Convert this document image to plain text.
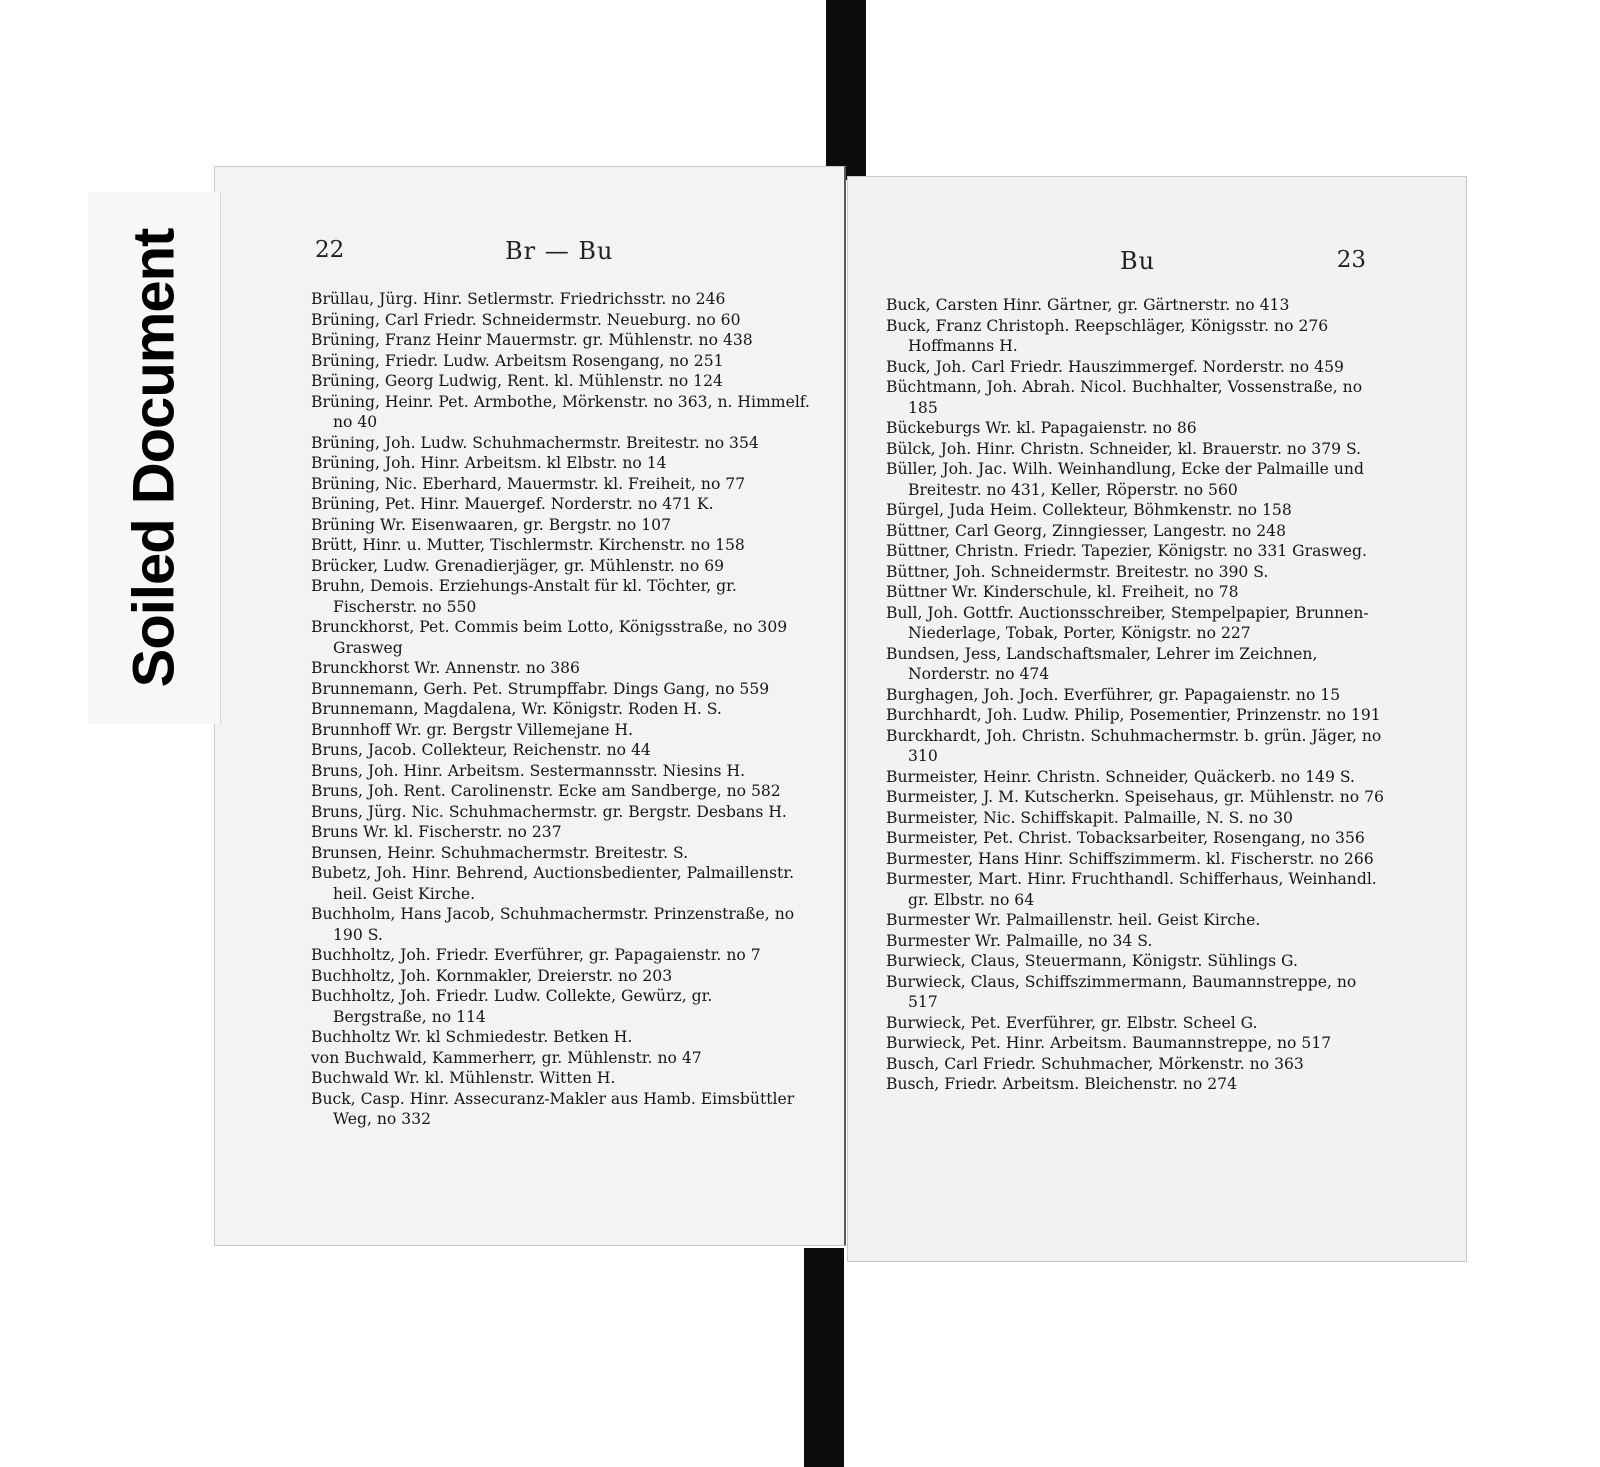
22	Br — Bu
Brüllau, Jürg. Hinr. Setlermstr. Friedrichsstr. no 246
Brüning, Carl Friedr. Schneidermstr. Neueburg. no 60
Brüning, Franz Heinr Mauermstr. gr. Mühlenstr. no 438
Brüning, Friedr. Ludw. Arbeitsm Rosengang, no 251
Brüning, Georg Ludwig, Rent. kl. Mühlenstr. no 124
Brüning, Heinr. Pet. Armbothe, Mörkenstr. no 363, n. Himmelf. no 40
Brüning, Joh. Ludw. Schuhmachermstr. Breitestr. no 354
Brüning, Joh. Hinr. Arbeitsm. kl Elbstr. no 14
Brüning, Nic. Eberhard, Mauermstr. kl. Freiheit, no 77
Brüning, Pet. Hinr. Mauergef. Norderstr. no 471 K.
Brüning Wr. Eisenwaaren, gr. Bergstr. no 107
Brütt, Hinr. u. Mutter, Tischlermstr. Kirchenstr. no 158
Brücker, Ludw. Grenadierjäger, gr. Mühlenstr. no 69
Bruhn, Demois. Erziehungs-Anstalt für kl. Töchter, gr. Fischerstr. no 550
Brunckhorst, Pet. Commis beim Lotto, Königsstraße, no 309 Grasweg
Brunckhorst Wr. Annenstr. no 386
Brunnemann, Gerh. Pet. Strumpffabr. Dings Gang, no 559
Brunnemann, Magdalena, Wr. Königstr. Roden H. S.
Brunnhoff Wr. gr. Bergstr Villemejane H.
Bruns, Jacob. Collekteur, Reichenstr. no 44
Bruns, Joh. Hinr. Arbeitsm. Sestermannsstr. Niesins H.
Bruns, Joh. Rent. Carolinenstr. Ecke am Sandberge, no 582
Bruns, Jürg. Nic. Schuhmachermstr. gr. Bergstr. Desbans H.
Bruns Wr. kl. Fischerstr. no 237
Brunsen, Heinr. Schuhmachermstr. Breitestr. S.
Bubetz, Joh. Hinr. Behrend, Auctionsbedienter, Palmaillenstr. heil. Geist Kirche.
Buchholm, Hans Jacob, Schuhmachermstr. Prinzenstraße, no 190 S.
Buchholtz, Joh. Friedr. Everführer, gr. Papagaienstr. no 7
Buchholtz, Joh. Kornmakler, Dreierstr. no 203
Buchholtz, Joh. Friedr. Ludw. Collekte, Gewürz, gr. Bergstraße, no 114
Buchholtz Wr. kl Schmiedestr. Betken H.
von Buchwald, Kammerherr, gr. Mühlenstr. no 47
Buchwald Wr. kl. Mühlenstr. Witten H.
Buck, Casp. Hinr. Assecuranz-Makler aus Hamb. Eimsbüttler Weg, no 332
Bu	23
Buck, Carsten Hinr. Gärtner, gr. Gärtnerstr. no 413
Buck, Franz Christoph. Reepschläger, Königsstr. no 276 Hoffmanns H.
Buck, Joh. Carl Friedr. Hauszimmergef. Norderstr. no 459
Büchtmann, Joh. Abrah. Nicol. Buchhalter, Vossenstraße, no 185
Bückeburgs Wr. kl. Papagaienstr. no 86
Bülck, Joh. Hinr. Christn. Schneider, kl. Brauerstr. no 379 S.
Büller, Joh. Jac. Wilh. Weinhandlung, Ecke der Palmaille und Breitestr. no 431, Keller, Röperstr. no 560
Bürgel, Juda Heim. Collekteur, Böhmkenstr. no 158
Büttner, Carl Georg, Zinngiesser, Langestr. no 248
Büttner, Christn. Friedr. Tapezier, Königstr. no 331 Grasweg.
Büttner, Joh. Schneidermstr. Breitestr. no 390 S.
Büttner Wr. Kinderschule, kl. Freiheit, no 78
Bull, Joh. Gottfr. Auctionsschreiber, Stempelpapier, Brunnen-Niederlage, Tobak, Porter, Königstr. no 227
Bundsen, Jess, Landschaftsmaler, Lehrer im Zeichnen, Norderstr. no 474
Burghagen, Joh. Joch. Everführer, gr. Papagaienstr. no 15
Burchhardt, Joh. Ludw. Philip, Posementier, Prinzenstr. no 191
Burckhardt, Joh. Christn. Schuhmachermstr. b. grün. Jäger, no 310
Burmeister, Heinr. Christn. Schneider, Quäckerb. no 149 S.
Burmeister, J. M. Kutscherkn. Speisehaus, gr. Mühlenstr. no 76
Burmeister, Nic. Schiffskapit. Palmaille, N. S. no 30
Burmeister, Pet. Christ. Tobacksarbeiter, Rosengang, no 356
Burmester, Hans Hinr. Schiffszimmerm. kl. Fischerstr. no 266
Burmester, Mart. Hinr. Fruchthandl. Schifferhaus, Weinhandl. gr. Elbstr. no 64
Burmester Wr. Palmaillenstr. heil. Geist Kirche.
Burmester Wr. Palmaille, no 34 S.
Burwieck, Claus, Steuermann, Königstr. Sühlings G.
Burwieck, Claus, Schiffszimmermann, Baumannstreppe, no 517
Burwieck, Pet. Everführer, gr. Elbstr. Scheel G.
Burwieck, Pet. Hinr. Arbeitsm. Baumannstreppe, no 517
Busch, Carl Friedr. Schuhmacher, Mörkenstr. no 363
Busch, Friedr. Arbeitsm. Bleichenstr. no 274
Soiled Document
